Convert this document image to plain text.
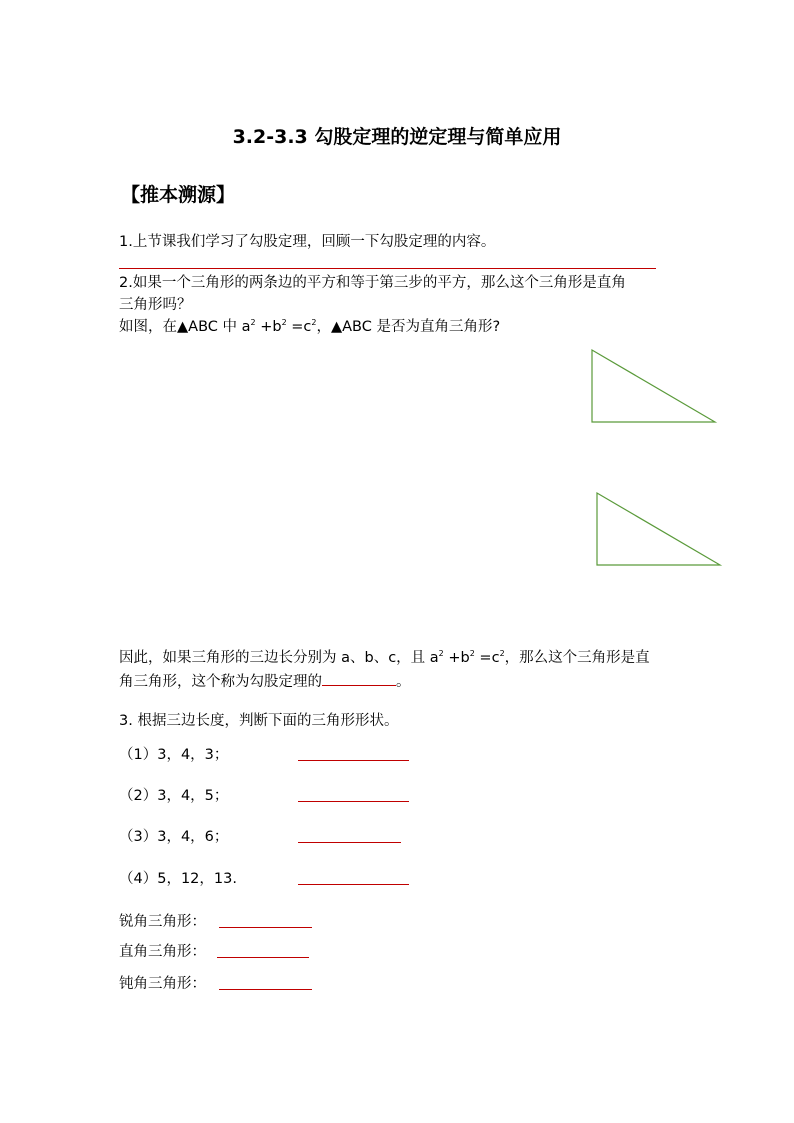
3.2-3.3 勾股定理的逆定理与简单应用
【推本溯源】
1.上节课我们学习了勾股定理，回顾一下勾股定理的内容。
2.如果一个三角形的两条边的平方和等于第三步的平方，那么这个三角形是直角
三角形吗？
如图，在▲ABC 中 $a^2 +b^2 =c^2$，▲ABC 是否为直角三角形?
因此，如果三角形的三边长分别为 a、b、c，且 $a^2 +b^2 =c^2$，那么这个三角形是直
角三角形，这个称为勾股定理的	。
3. 根据三边长度，判断下面的三角形形状。
（1）3，4，3；
（2）3，4，5；
（3）3，4，6；
（4）5，12，13.
锐角三角形：
直角三角形：
钝角三角形：
